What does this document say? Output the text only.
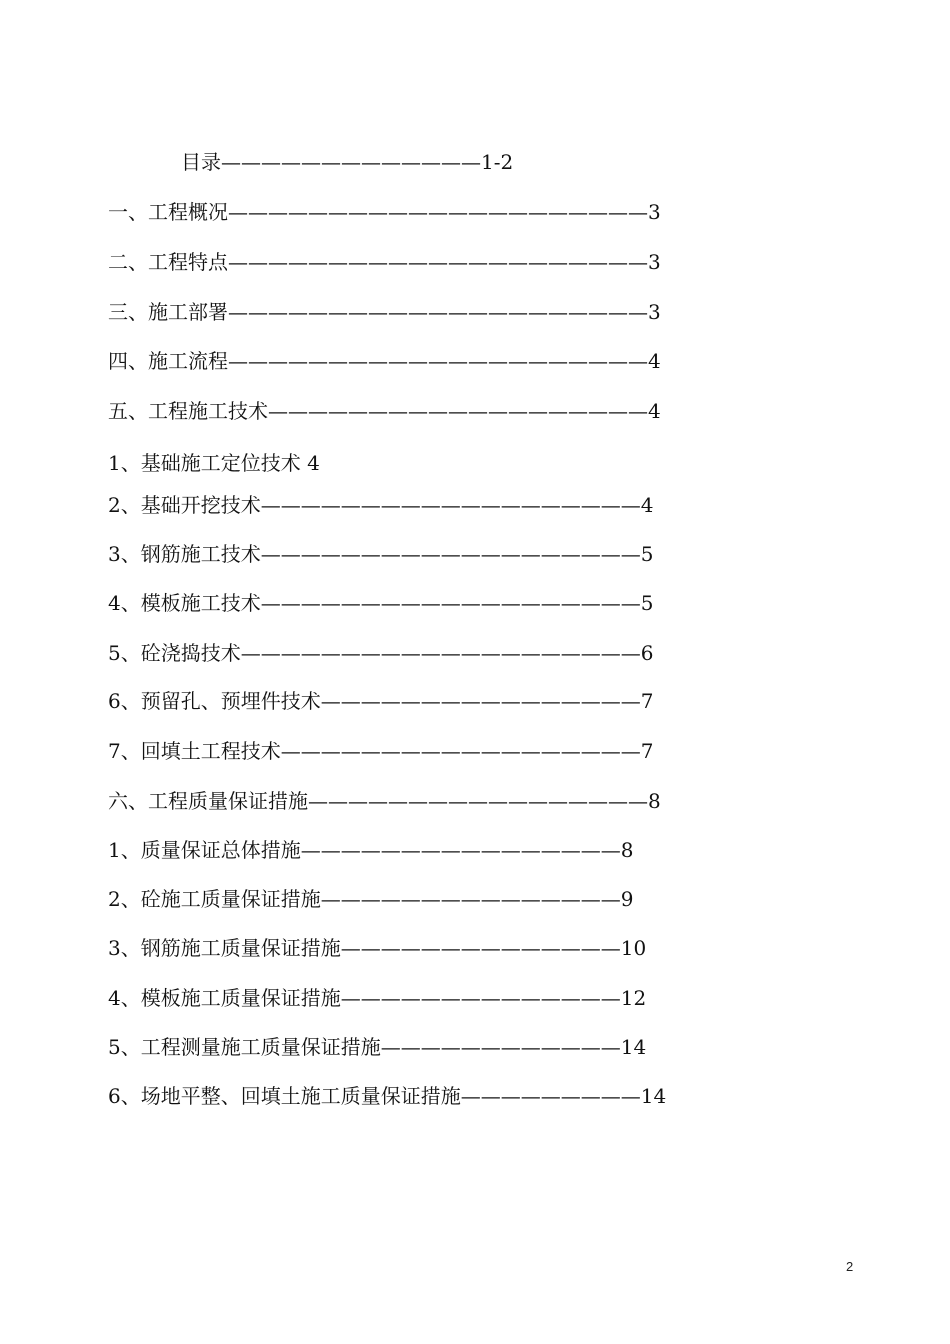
目录—————————————1-2
一、工程概况—————————————————————3
二、工程特点—————————————————————3
三、施工部署—————————————————————3
四、施工流程—————————————————————4
五、工程施工技术———————————————————4
1、基础施工定位技术 4
2、基础开挖技术———————————————————4
3、钢筋施工技术———————————————————5
4、模板施工技术———————————————————5
5、砼浇捣技术————————————————————6
6、预留孔、预埋件技术————————————————7
7、回填土工程技术——————————————————7
六、工程质量保证措施—————————————————8
1、质量保证总体措施————————————————8
2、砼施工质量保证措施———————————————9
3、钢筋施工质量保证措施——————————————10
4、模板施工质量保证措施——————————————12
5、工程测量施工质量保证措施————————————14
6、场地平整、回填土施工质量保证措施—————————14
2
